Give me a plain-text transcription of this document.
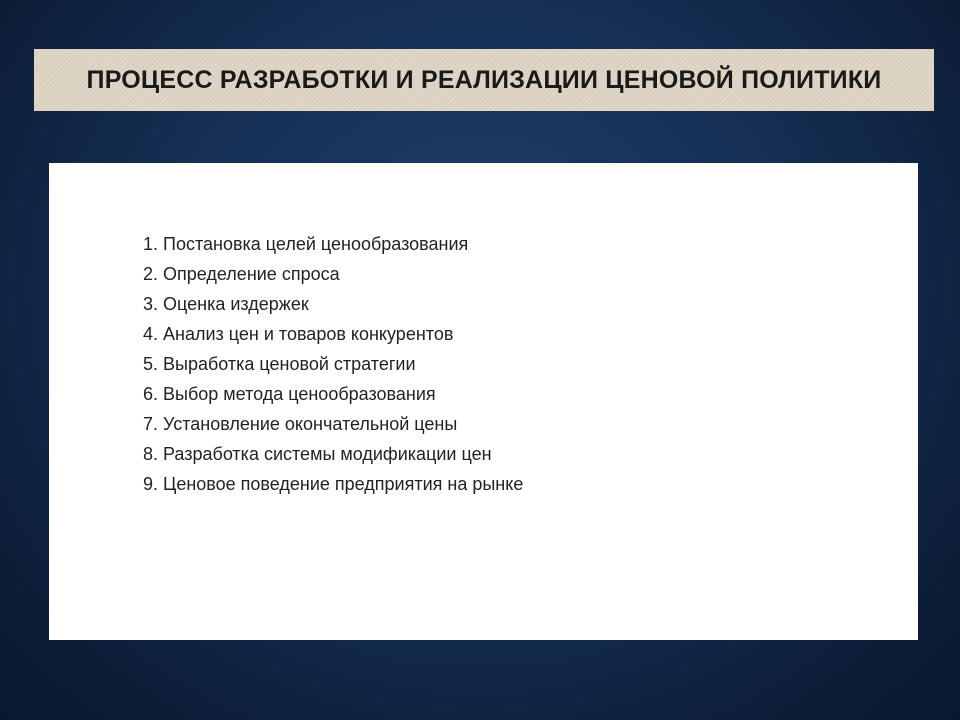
ПРОЦЕСС РАЗРАБОТКИ И РЕАЛИЗАЦИИ ЦЕНОВОЙ ПОЛИТИКИ
1. Постановка целей ценообразования
2. Определение спроса
3. Оценка издержек
4. Анализ цен и товаров конкурентов
5. Выработка ценовой стратегии
6. Выбор метода ценообразования
7. Установление окончательной цены
8. Разработка системы модификации цен
9. Ценовое поведение предприятия на рынке
